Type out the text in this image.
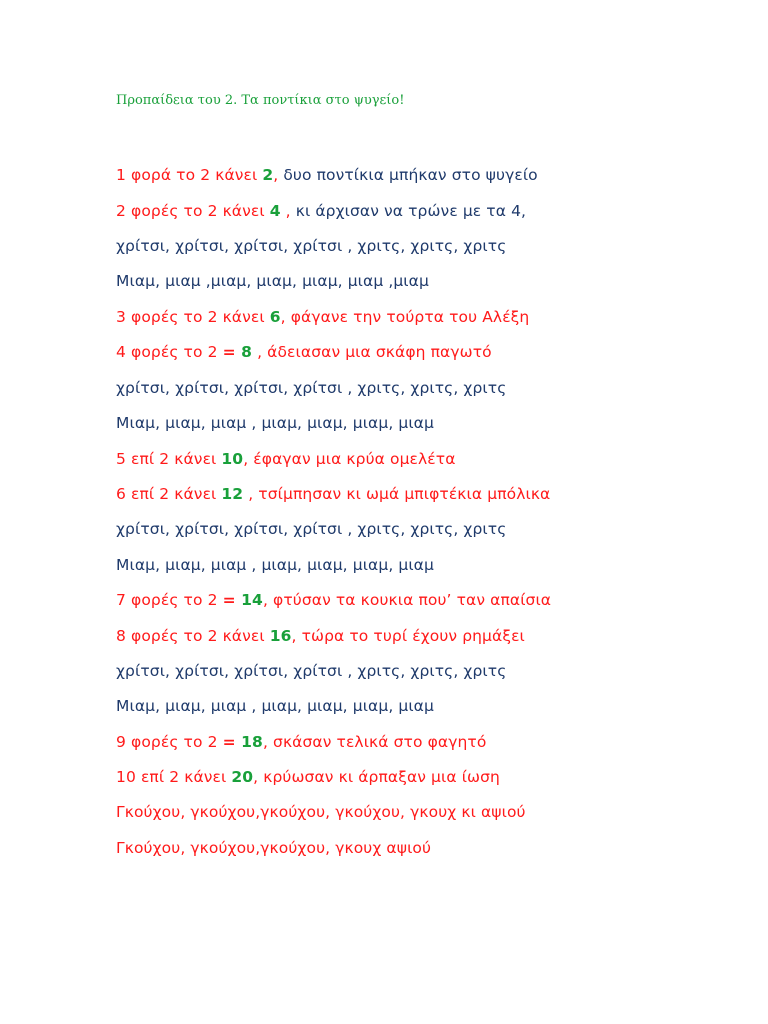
Προπαίδεια του 2. Τα ποντίκια στο ψυγείο!
1 φορά το 2 κάνει 2, δυο ποντίκια μπήκαν στο ψυγείο
2 φορές το 2 κάνει 4 , κι άρχισαν να τρώνε με τα 4,
χρίτσι, χρίτσι, χρίτσι, χρίτσι , χριτς, χριτς, χριτς
Μιαμ, μιαμ ,μιαμ, μιαμ, μιαμ, μιαμ ,μιαμ
3 φορές το 2 κάνει 6, φάγανε την τούρτα του Αλέξη
4 φορές το 2 = 8 , άδειασαν μια σκάφη παγωτό
χρίτσι, χρίτσι, χρίτσι, χρίτσι , χριτς, χριτς, χριτς
Μιαμ, μιαμ, μιαμ , μιαμ, μιαμ, μιαμ, μιαμ
5 επί 2 κάνει 10, έφαγαν μια κρύα ομελέτα
6 επί 2 κάνει 12 , τσίμπησαν κι ωμά μπιφτέκια μπόλικα
χρίτσι, χρίτσι, χρίτσι, χρίτσι , χριτς, χριτς, χριτς
Μιαμ, μιαμ, μιαμ , μιαμ, μιαμ, μιαμ, μιαμ
7 φορές το 2 = 14, φτύσαν τα κουκια που’ ταν απαίσια
8 φορές το 2 κάνει 16, τώρα το τυρί έχουν ρημάξει
χρίτσι, χρίτσι, χρίτσι, χρίτσι , χριτς, χριτς, χριτς
Μιαμ, μιαμ, μιαμ , μιαμ, μιαμ, μιαμ, μιαμ
9 φορές το 2 = 18, σκάσαν τελικά στο φαγητό
10 επί 2 κάνει 20, κρύωσαν κι άρπαξαν μια ίωση
Γκούχου, γκούχου,γκούχου, γκούχου, γκουχ κι αψιού
Γκούχου, γκούχου,γκούχου, γκουχ αψιού
